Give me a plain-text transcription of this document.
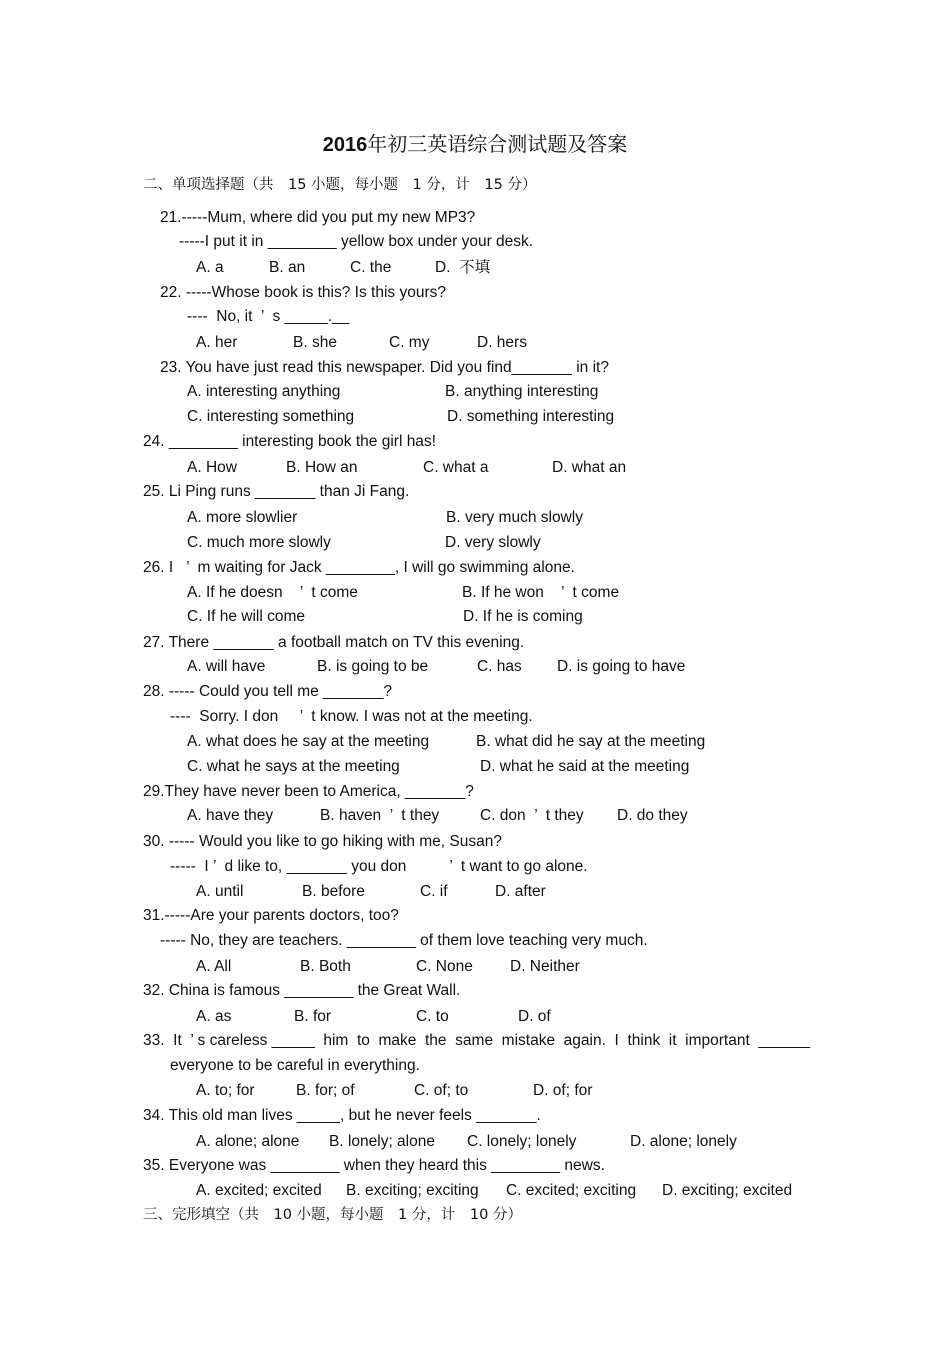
2016年初三英语综合测试题及答案
二、单项选择题（共　15 小题，每小题　1 分，计　15 分）
21.-----Mum, where did you put my new MP3?
-----I put it in ________ yellow box under your desk.
A. a	B. an	C. the	D.  不填
22. -----Whose book is this? Is this yours?
----  No, it  ’  s _____.__
A. her	B. she	C. my	D. hers
23. You have just read this newspaper. Did you find_______ in it?
A. interesting anything	B. anything interesting
C. interesting something	D. something interesting
24. ________ interesting book the girl has!
A. How	B. How an	C. what a	D. what an
25. Li Ping runs _______ than Ji Fang.
A. more slowlier	B. very much slowly
C. much more slowly	D. very slowly
26. I   ’  m waiting for Jack ________, I will go swimming alone.
A. If he doesn    ’  t come	B. If he won    ’  t come
C. If he will come	D. If he is coming
27. There _______ a football match on TV this evening.
A. will have	B. is going to be	C. has D. is going to have
28. ----- Could you tell me _______?
----  Sorry. I don     ’  t know. I was not at the meeting.
A. what does he say at the meeting	B. what did he say at the meeting
C. what he says at the meeting	D. what he said at the meeting
29.They have never been to America, _______?
A. have they	B. haven  ’  t they	C. don  ’  t they D. do they
30. ----- Would you like to go hiking with me, Susan?
-----  I ’  d like to, _______ you don          ’  t want to go alone.
A. until	B. before	C. if	D. after
31.-----Are your parents doctors, too?
----- No, they are teachers. ________ of them love teaching very much.
A. All	B. Both	C. None D. Neither
32. China is famous ________ the Great Wall.
A. as	B. for	C. to	D. of
33.  It  ’ s careless _____  him  to  make  the  same  mistake  again.  I  think  it  important  ______
everyone to be careful in everything.
A. to; for	B. for; of	C. of; to	D. of; for
34. This old man lives _____, but he never feels _______.
A. alone; alone B. lonely; alone C. lonely; lonely	D. alone; lonely
35. Everyone was ________ when they heard this ________ news.
A. excited; excited B. exciting; exciting C. excited; exciting D. exciting; excited
三、完形填空（共　10 小题，每小题　1 分，计　10 分）
